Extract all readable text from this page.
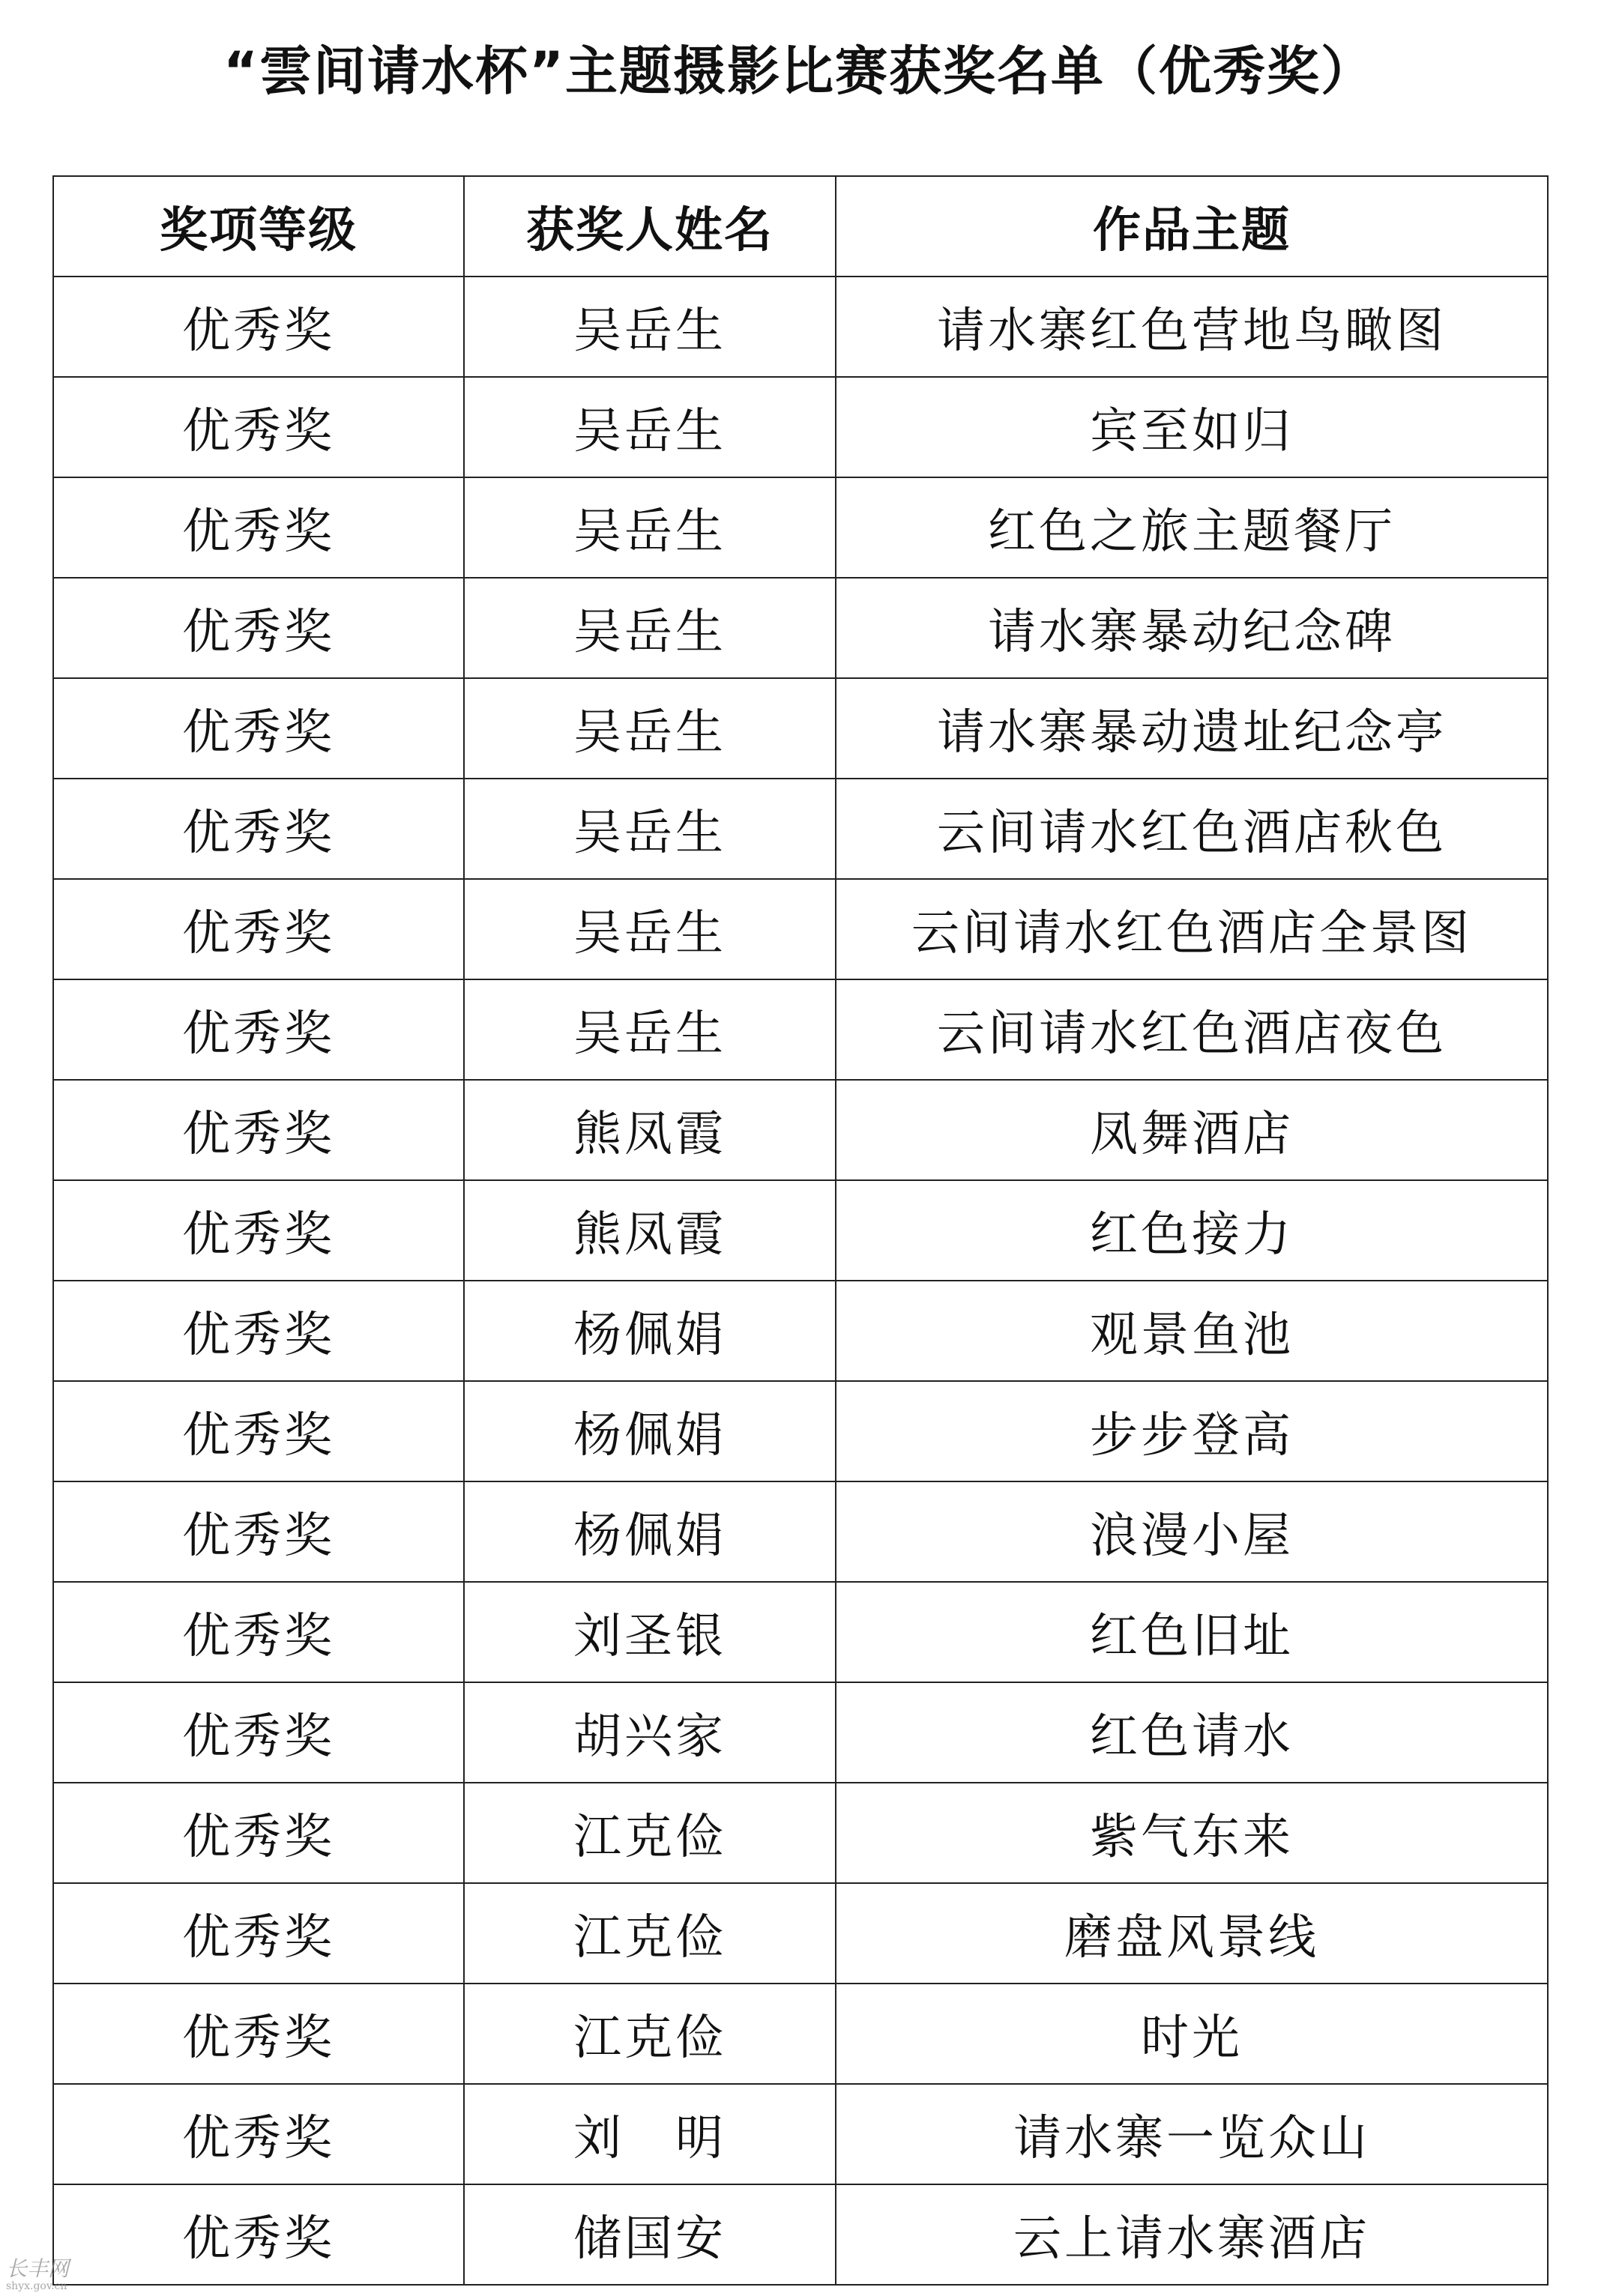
“雲间请水杯”主题摄影比赛获奖名单（优秀奖）
奖项等级	获奖人姓名	作品主题
优秀奖	吴岳生	请水寨红色营地鸟瞰图
优秀奖	吴岳生	宾至如归
优秀奖	吴岳生	红色之旅主题餐厅
优秀奖	吴岳生	请水寨暴动纪念碑
优秀奖	吴岳生	请水寨暴动遗址纪念亭
优秀奖	吴岳生	云间请水红色酒店秋色
优秀奖	吴岳生	云间请水红色酒店全景图
优秀奖	吴岳生	云间请水红色酒店夜色
优秀奖	熊凤霞	凤舞酒店
优秀奖	熊凤霞	红色接力
优秀奖	杨佩娟	观景鱼池
优秀奖	杨佩娟	步步登高
优秀奖	杨佩娟	浪漫小屋
优秀奖	刘圣银	红色旧址
优秀奖	胡兴家	红色请水
优秀奖	江克俭	紫气东来
优秀奖	江克俭	磨盘风景线
优秀奖	江克俭	时光
优秀奖	刘　明	请水寨一览众山
优秀奖	储国安	云上请水寨酒店
长丰网
shyx.gov.cn
